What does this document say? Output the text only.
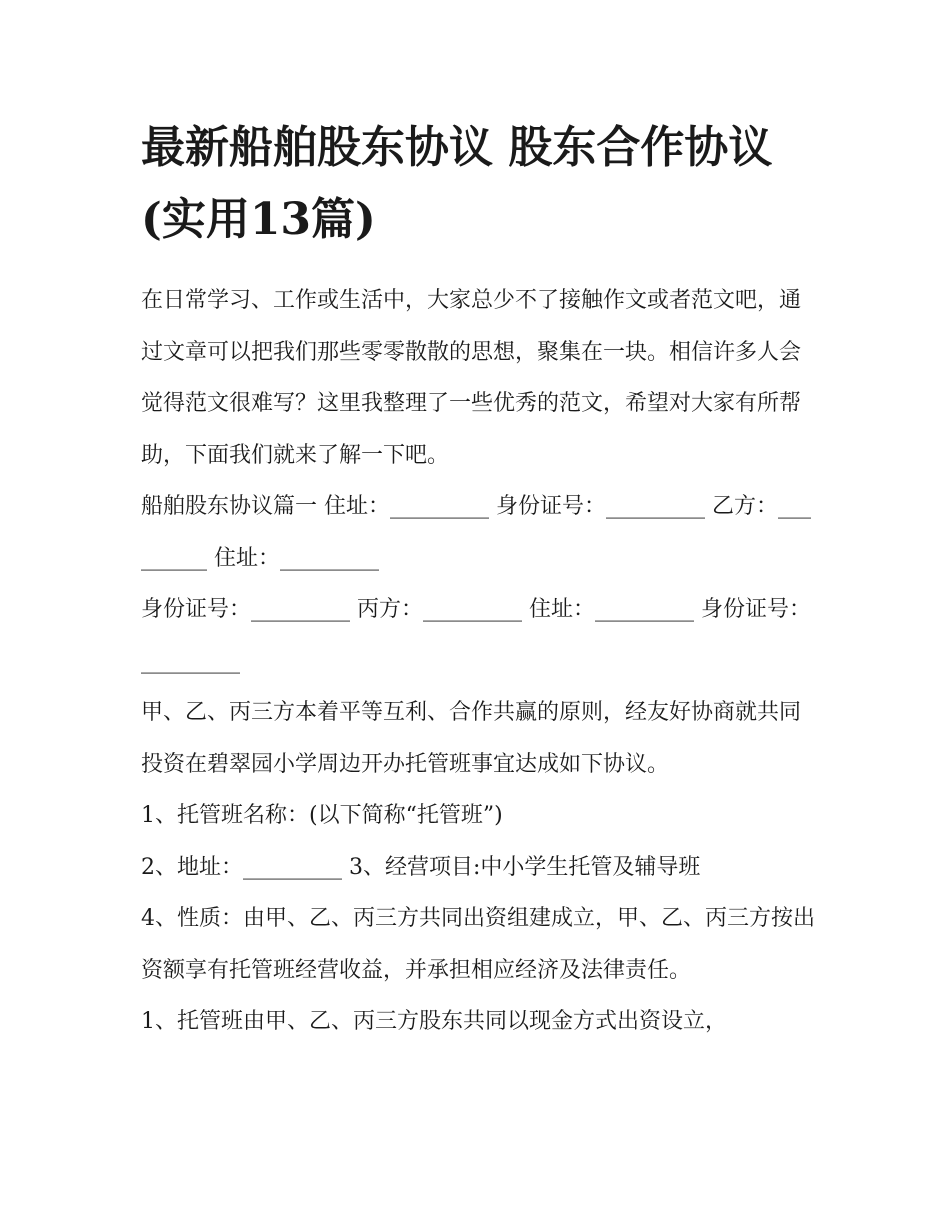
最新船舶股东协议 股东合作协议(实用13篇)

在日常学习、工作或生活中，大家总少不了接触作文或者范文吧，通过文章可以把我们那些零零散散的思想，聚集在一块。相信许多人会觉得范文很难写？这里我整理了一些优秀的范文，希望对大家有所帮助，下面我们就来了解一下吧。

船舶股东协议篇一 住址：_________ 身份证号：_________ 乙方：_________ 住址：_________

身份证号：_________ 丙方：_________ 住址：_________ 身份证号：_________

甲、乙、丙三方本着平等互利、合作共赢的原则，经友好协商就共同投资在碧翠园小学周边开办托管班事宜达成如下协议。

1、托管班名称：(以下简称“托管班”)

2、地址：_________ 3、经营项目:中小学生托管及辅导班

4、性质：由甲、乙、丙三方共同出资组建成立，甲、乙、丙三方按出资额享有托管班经营收益，并承担相应经济及法律责任。

1、托管班由甲、乙、丙三方股东共同以现金方式出资设立，
